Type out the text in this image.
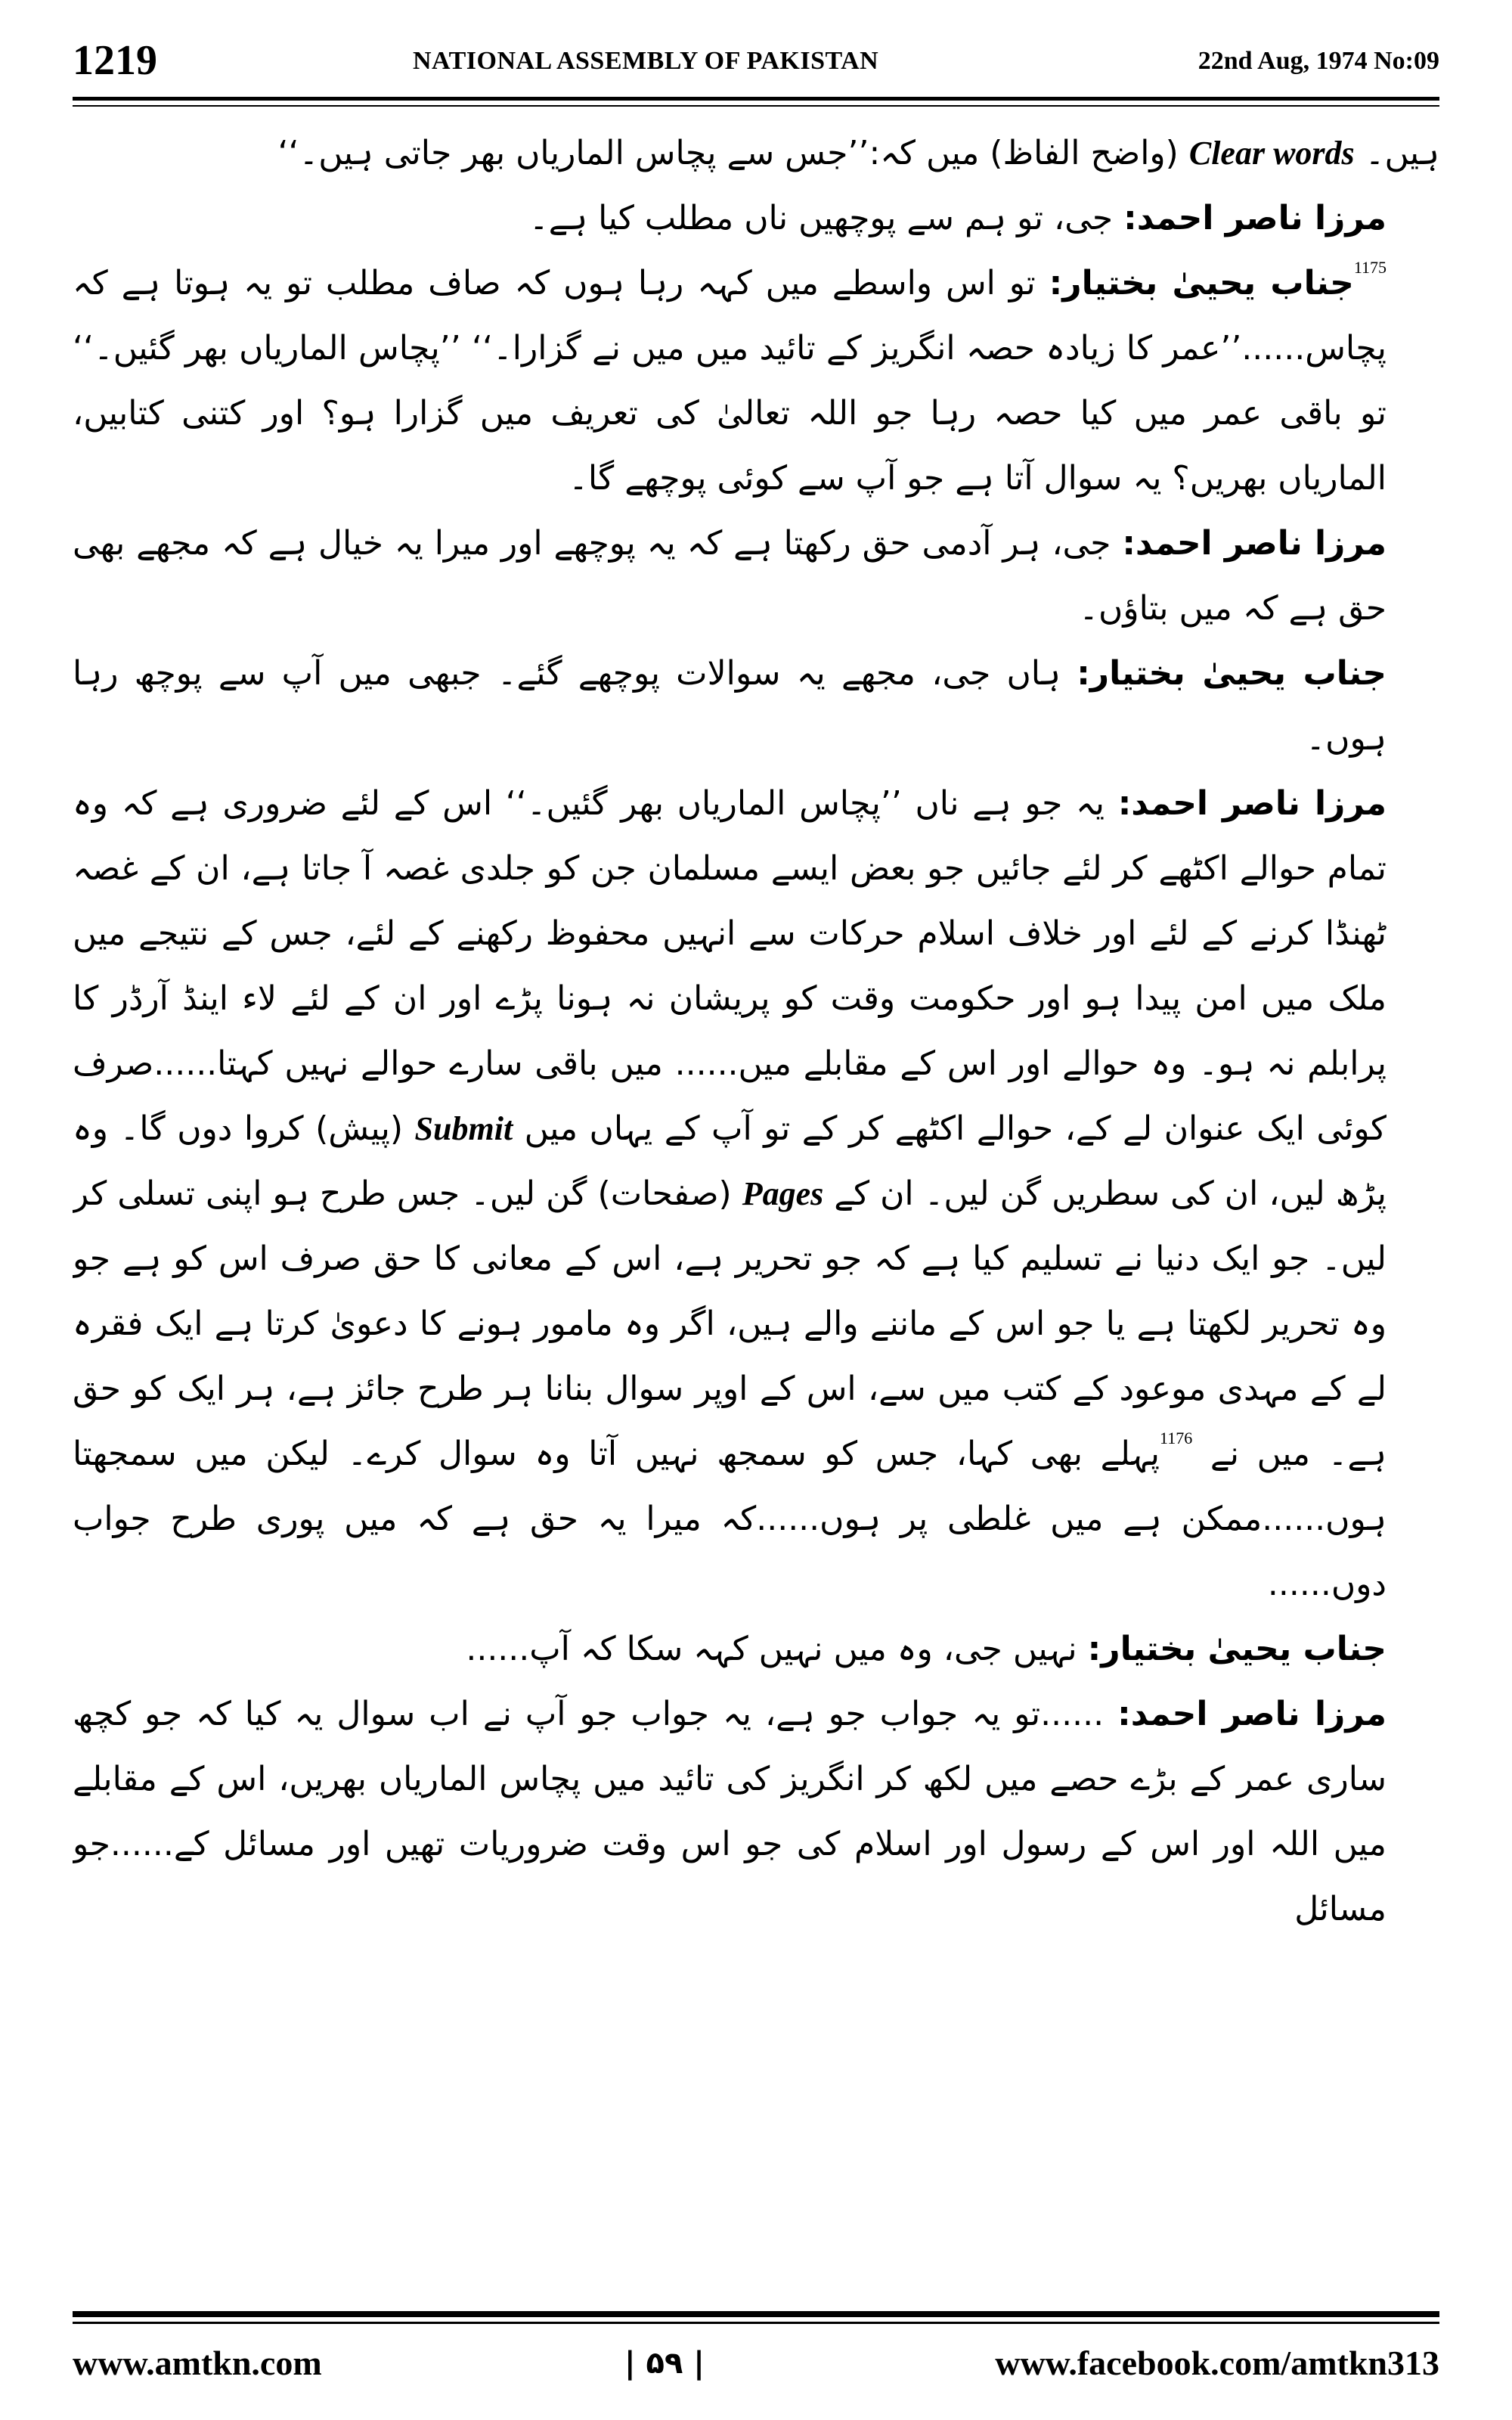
1219	NATIONAL ASSEMBLY OF PAKISTAN	22nd Aug, 1974 No:09

ہیں۔ Clear words (واضح الفاظ) میں کہ:’’جس سے پچاس الماریاں بھر جاتی ہیں۔‘‘

مرزا ناصر احمد: جی، تو ہم سے پوچھیں ناں مطلب کیا ہے۔

1175جناب یحییٰ بختیار: تو اس واسطے میں کہہ رہا ہوں کہ صاف مطلب تو یہ ہوتا ہے کہ پچاس......’’عمر کا زیادہ حصہ انگریز کے تائید میں میں نے گزارا۔‘‘ ’’پچاس الماریاں بھر گئیں۔‘‘ تو باقی عمر میں کیا حصہ رہا جو اللہ تعالیٰ کی تعریف میں گزارا ہو؟ اور کتنی کتابیں، الماریاں بھریں؟ یہ سوال آتا ہے جو آپ سے کوئی پوچھے گا۔

مرزا ناصر احمد: جی، ہر آدمی حق رکھتا ہے کہ یہ پوچھے اور میرا یہ خیال ہے کہ مجھے بھی حق ہے کہ میں بتاؤں۔

جناب یحییٰ بختیار: ہاں جی، مجھے یہ سوالات پوچھے گئے۔ جبھی میں آپ سے پوچھ رہا ہوں۔

مرزا ناصر احمد: یہ جو ہے ناں ’’پچاس الماریاں بھر گئیں۔‘‘ اس کے لئے ضروری ہے کہ وہ تمام حوالے اکٹھے کر لئے جائیں جو بعض ایسے مسلمان جن کو جلدی غصہ آ جاتا ہے، ان کے غصہ ٹھنڈا کرنے کے لئے اور خلاف اسلام حرکات سے انہیں محفوظ رکھنے کے لئے، جس کے نتیجے میں ملک میں امن پیدا ہو اور حکومت وقت کو پریشان نہ ہونا پڑے اور ان کے لئے لاء اینڈ آرڈر کا پرابلم نہ ہو۔ وہ حوالے اور اس کے مقابلے میں...... میں باقی سارے حوالے نہیں کہتا......صرف کوئی ایک عنوان لے کے، حوالے اکٹھے کر کے تو آپ کے یہاں میں Submit (پیش) کروا دوں گا۔ وہ پڑھ لیں، ان کی سطریں گن لیں۔ ان کے Pages (صفحات) گن لیں۔ جس طرح ہو اپنی تسلی کر لیں۔ جو ایک دنیا نے تسلیم کیا ہے کہ جو تحریر ہے، اس کے معانی کا حق صرف اس کو ہے جو وہ تحریر لکھتا ہے یا جو اس کے ماننے والے ہیں، اگر وہ مامور ہونے کا دعویٰ کرتا ہے ایک فقرہ لے کے مہدی موعود کے کتب میں سے، اس کے اوپر سوال بنانا ہر طرح جائز ہے، ہر ایک کو حق ہے۔ میں نے 1176پہلے بھی کہا، جس کو سمجھ نہیں آتا وہ سوال کرے۔ لیکن میں سمجھتا ہوں......ممکن ہے میں غلطی پر ہوں......کہ میرا یہ حق ہے کہ میں پوری طرح جواب دوں......

جناب یحییٰ بختیار: نہیں جی، وہ میں نہیں کہہ سکا کہ آپ......

مرزا ناصر احمد: ......تو یہ جواب جو ہے، یہ جواب جو آپ نے اب سوال یہ کیا کہ جو کچھ ساری عمر کے بڑے حصے میں لکھ کر انگریز کی تائید میں پچاس الماریاں بھریں، اس کے مقابلے میں اللہ اور اس کے رسول اور اسلام کی جو اس وقت ضروریات تھیں اور مسائل کے......جو مسائل

www.amtkn.com	| ۵۹ |	www.facebook.com/amtkn313
